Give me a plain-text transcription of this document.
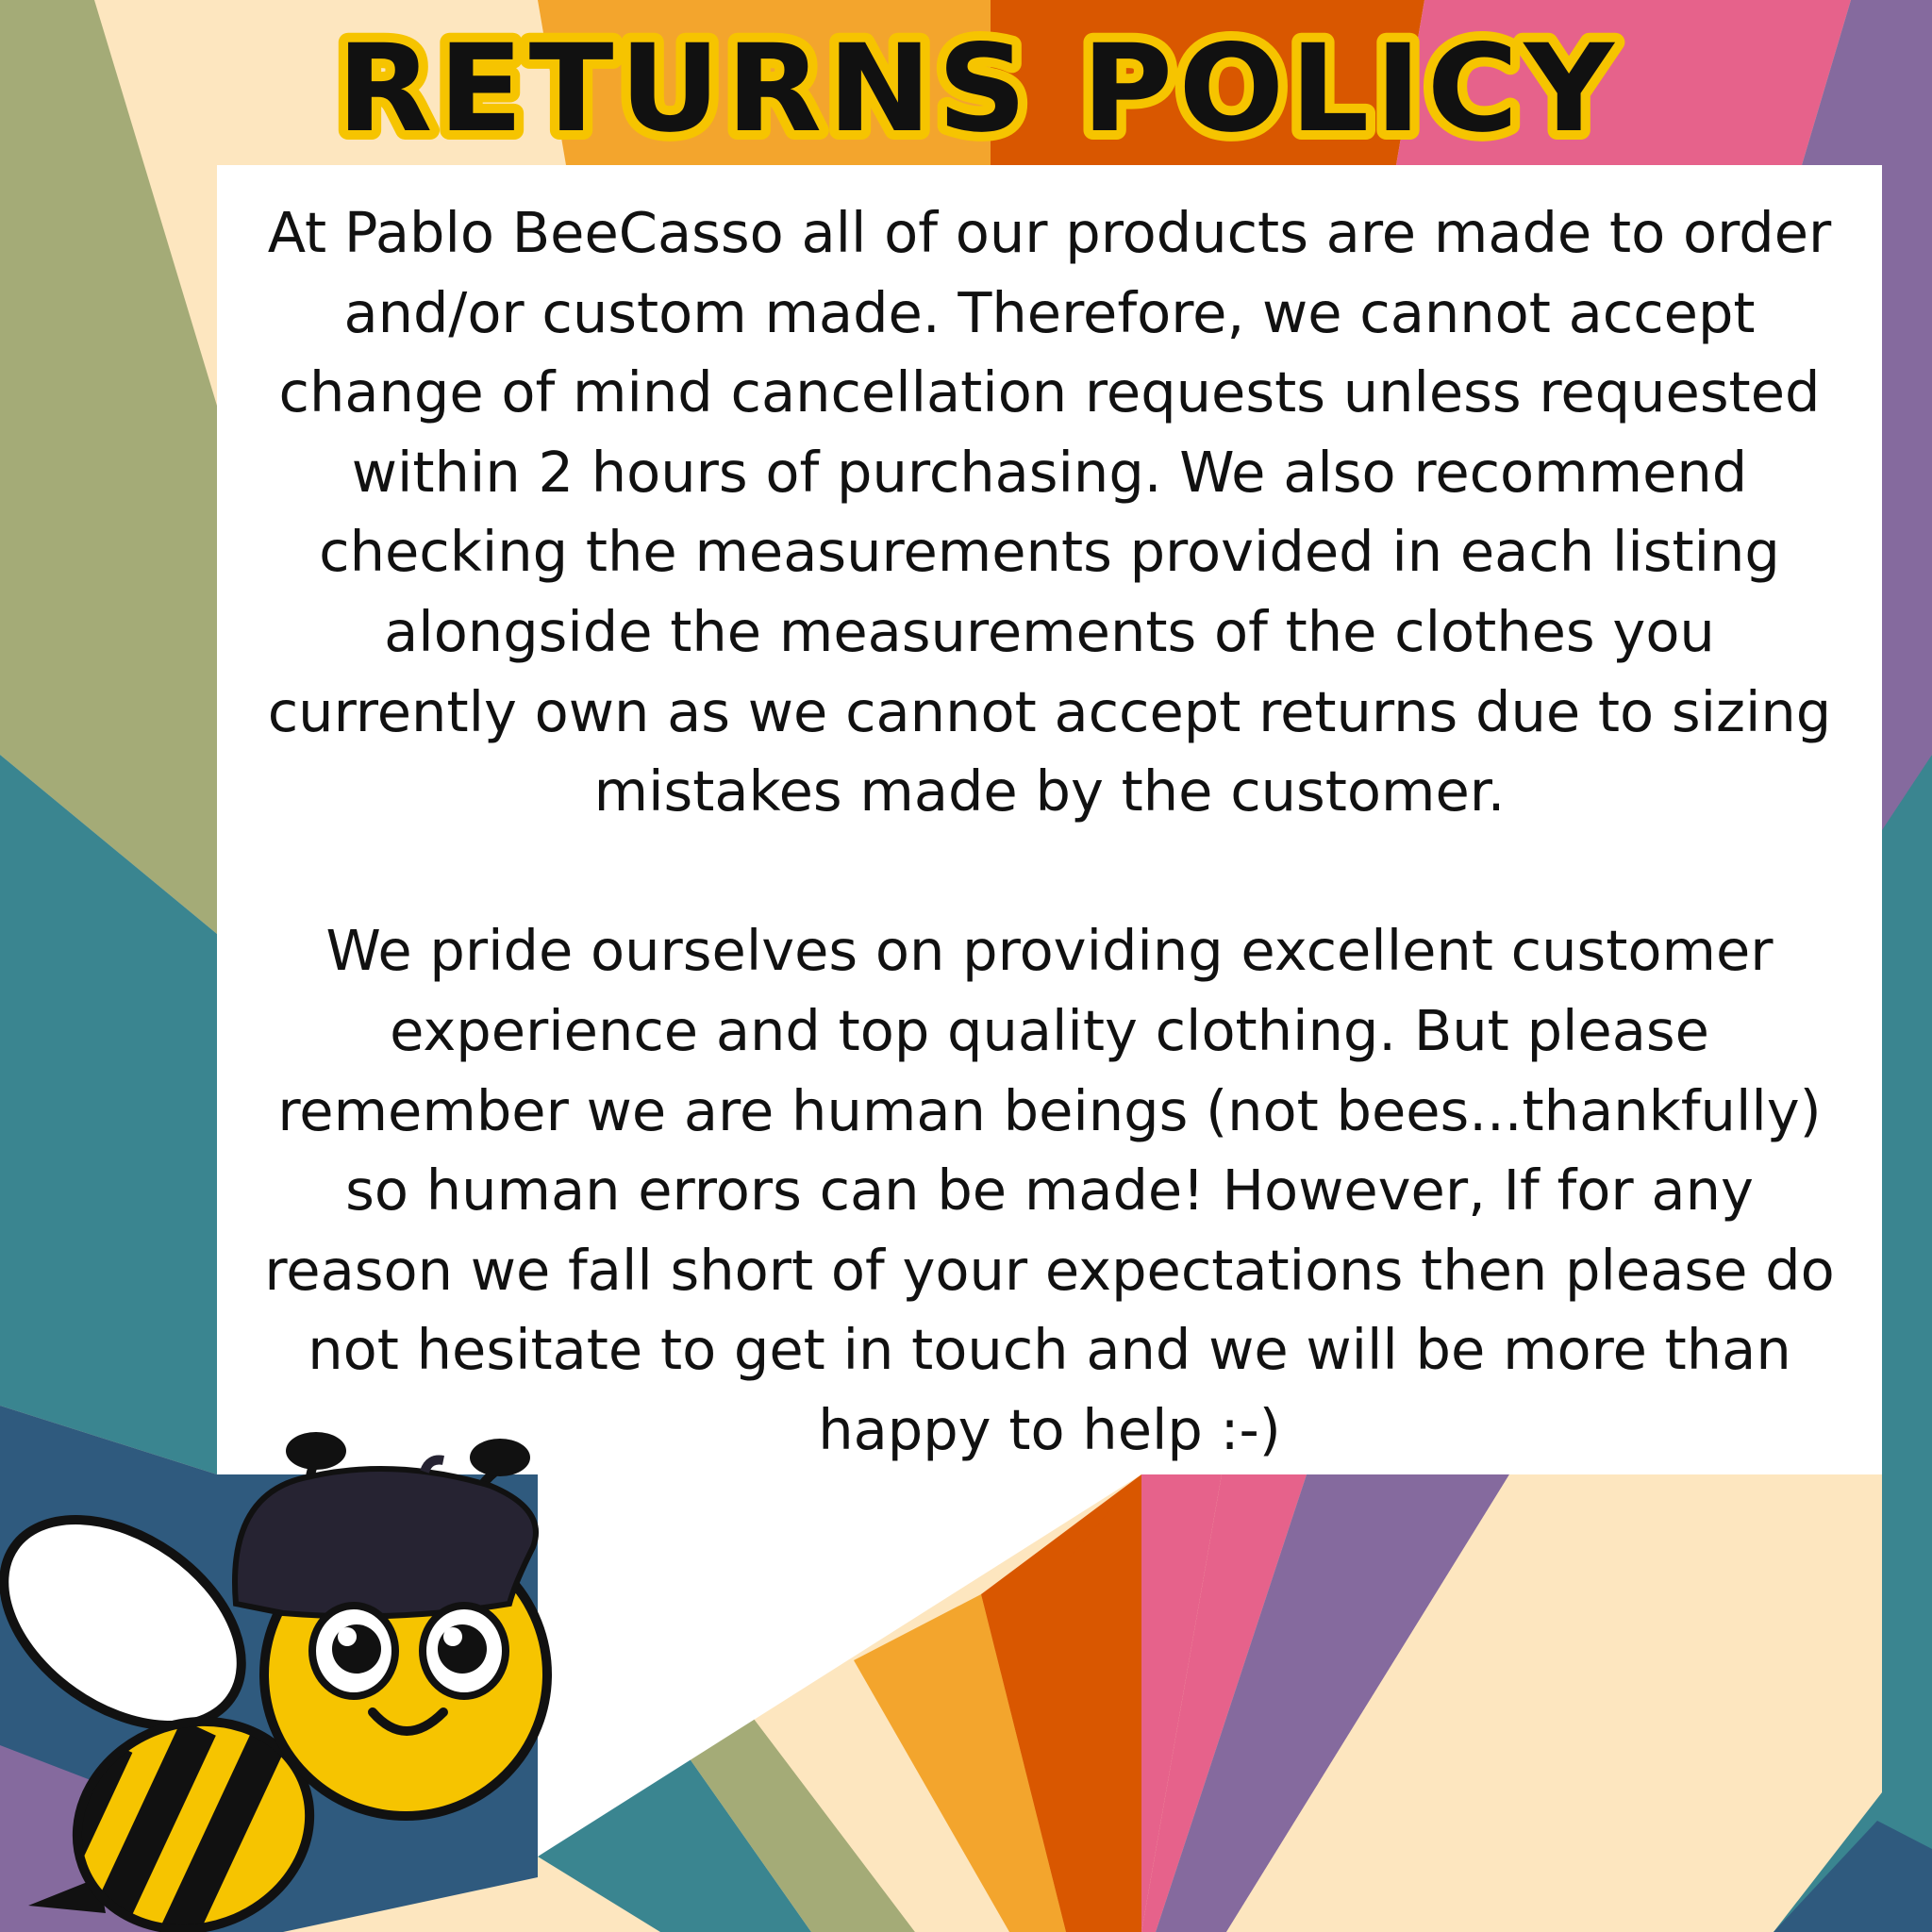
RETURNS POLICY

At Pablo BeeCasso all of our products are made to order
and/or custom made. Therefore, we cannot accept
change of mind cancellation requests unless requested
within 2 hours of purchasing. We also recommend
checking the measurements provided in each listing
alongside the measurements of the clothes you
currently own as we cannot accept returns due to sizing
mistakes made by the customer.

We pride ourselves on providing excellent customer
experience and top quality clothing. But please
remember we are human beings (not bees...thankfully)
so human errors can be made! However, If for any
reason we fall short of your expectations then please do
not hesitate to get in touch and we will be more than
happy to help :-)
